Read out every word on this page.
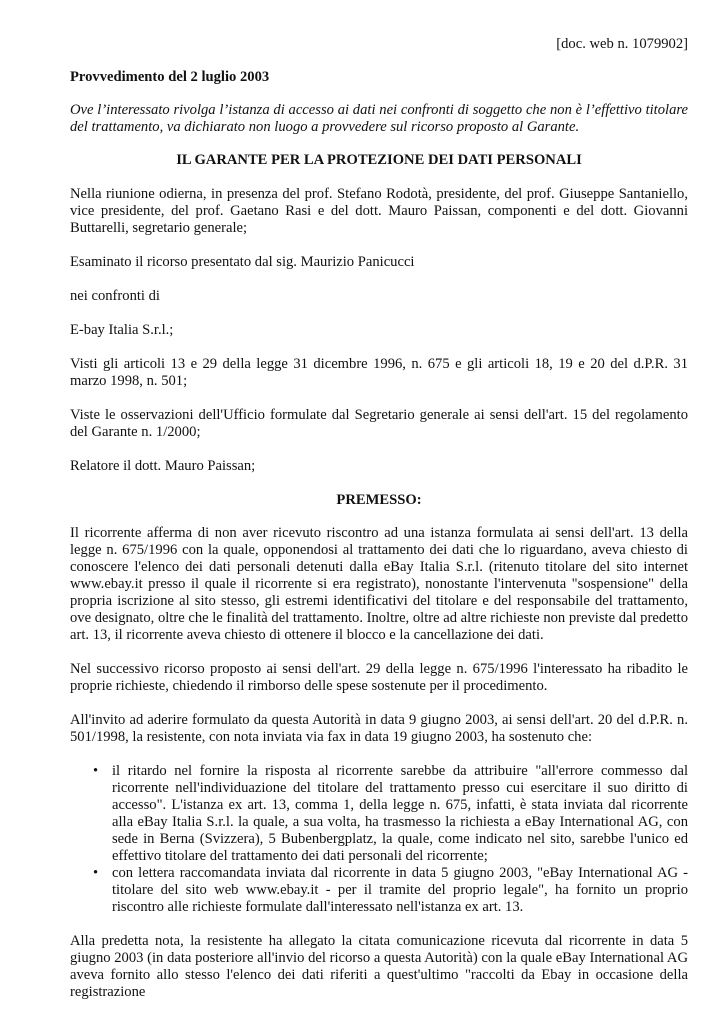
[doc. web n. 1079902]
Provvedimento del 2 luglio 2003
Ove l’interessato rivolga l’istanza di accesso ai dati nei confronti di soggetto che non è l’effettivo titolare del trattamento, va dichiarato non luogo a provvedere sul ricorso proposto al Garante.
IL GARANTE PER LA PROTEZIONE DEI DATI PERSONALI

Nella riunione odierna, in presenza del prof. Stefano Rodotà, presidente, del prof. Giuseppe Santaniello, vice presidente, del prof. Gaetano Rasi e del dott. Mauro Paissan, componenti e del dott. Giovanni Buttarelli, segretario generale;

Esaminato il ricorso presentato dal sig. Maurizio Panicucci

nei confronti di

E-bay Italia S.r.l.;

Visti gli articoli 13 e 29 della legge 31 dicembre 1996, n. 675 e gli articoli 18, 19 e 20 del d.P.R. 31 marzo 1998, n. 501;

Viste le osservazioni dell'Ufficio formulate dal Segretario generale ai sensi dell'art. 15 del regolamento del Garante n. 1/2000;

Relatore il dott. Mauro Paissan;

PREMESSO:

Il ricorrente afferma di non aver ricevuto riscontro ad una istanza formulata ai sensi dell'art. 13 della legge n. 675/1996 con la quale, opponendosi al trattamento dei dati che lo riguardano, aveva chiesto di conoscere l'elenco dei dati personali detenuti dalla eBay Italia S.r.l. (ritenuto titolare del sito internet www.ebay.it presso il quale il ricorrente si era registrato), nonostante l'intervenuta "sospensione" della propria iscrizione al sito stesso, gli estremi identificativi del titolare e del responsabile del trattamento, ove designato, oltre che le finalità del trattamento. Inoltre, oltre ad altre richieste non previste dal predetto art. 13, il ricorrente aveva chiesto di ottenere il blocco e la cancellazione dei dati.

Nel successivo ricorso proposto ai sensi dell'art. 29 della legge n. 675/1996 l'interessato ha ribadito le proprie richieste, chiedendo il rimborso delle spese sostenute per il procedimento.

All'invito ad aderire formulato da questa Autorità in data 9 giugno 2003, ai sensi dell'art. 20 del d.P.R. n. 501/1998, la resistente, con nota inviata via fax in data 19 giugno 2003, ha sostenuto che:

• il ritardo nel fornire la risposta al ricorrente sarebbe da attribuire "all'errore commesso dal ricorrente nell'individuazione del titolare del trattamento presso cui esercitare il suo diritto di accesso". L'istanza ex art. 13, comma 1, della legge n. 675, infatti, è stata inviata dal ricorrente alla eBay Italia S.r.l. la quale, a sua volta, ha trasmesso la richiesta a eBay International AG, con sede in Berna (Svizzera), 5 Bubenbergplatz, la quale, come indicato nel sito, sarebbe l'unico ed effettivo titolare del trattamento dei dati personali del ricorrente;
• con lettera raccomandata inviata dal ricorrente in data 5 giugno 2003, "eBay International AG -titolare del sito web www.ebay.it - per il tramite del proprio legale", ha fornito un proprio riscontro alle richieste formulate dall'interessato nell'istanza ex art. 13.

Alla predetta nota, la resistente ha allegato la citata comunicazione ricevuta dal ricorrente in data 5 giugno 2003 (in data posteriore all'invio del ricorso a questa Autorità) con la quale eBay International AG aveva fornito allo stesso l'elenco dei dati riferiti a quest'ultimo "raccolti da Ebay in occasione della registrazione
